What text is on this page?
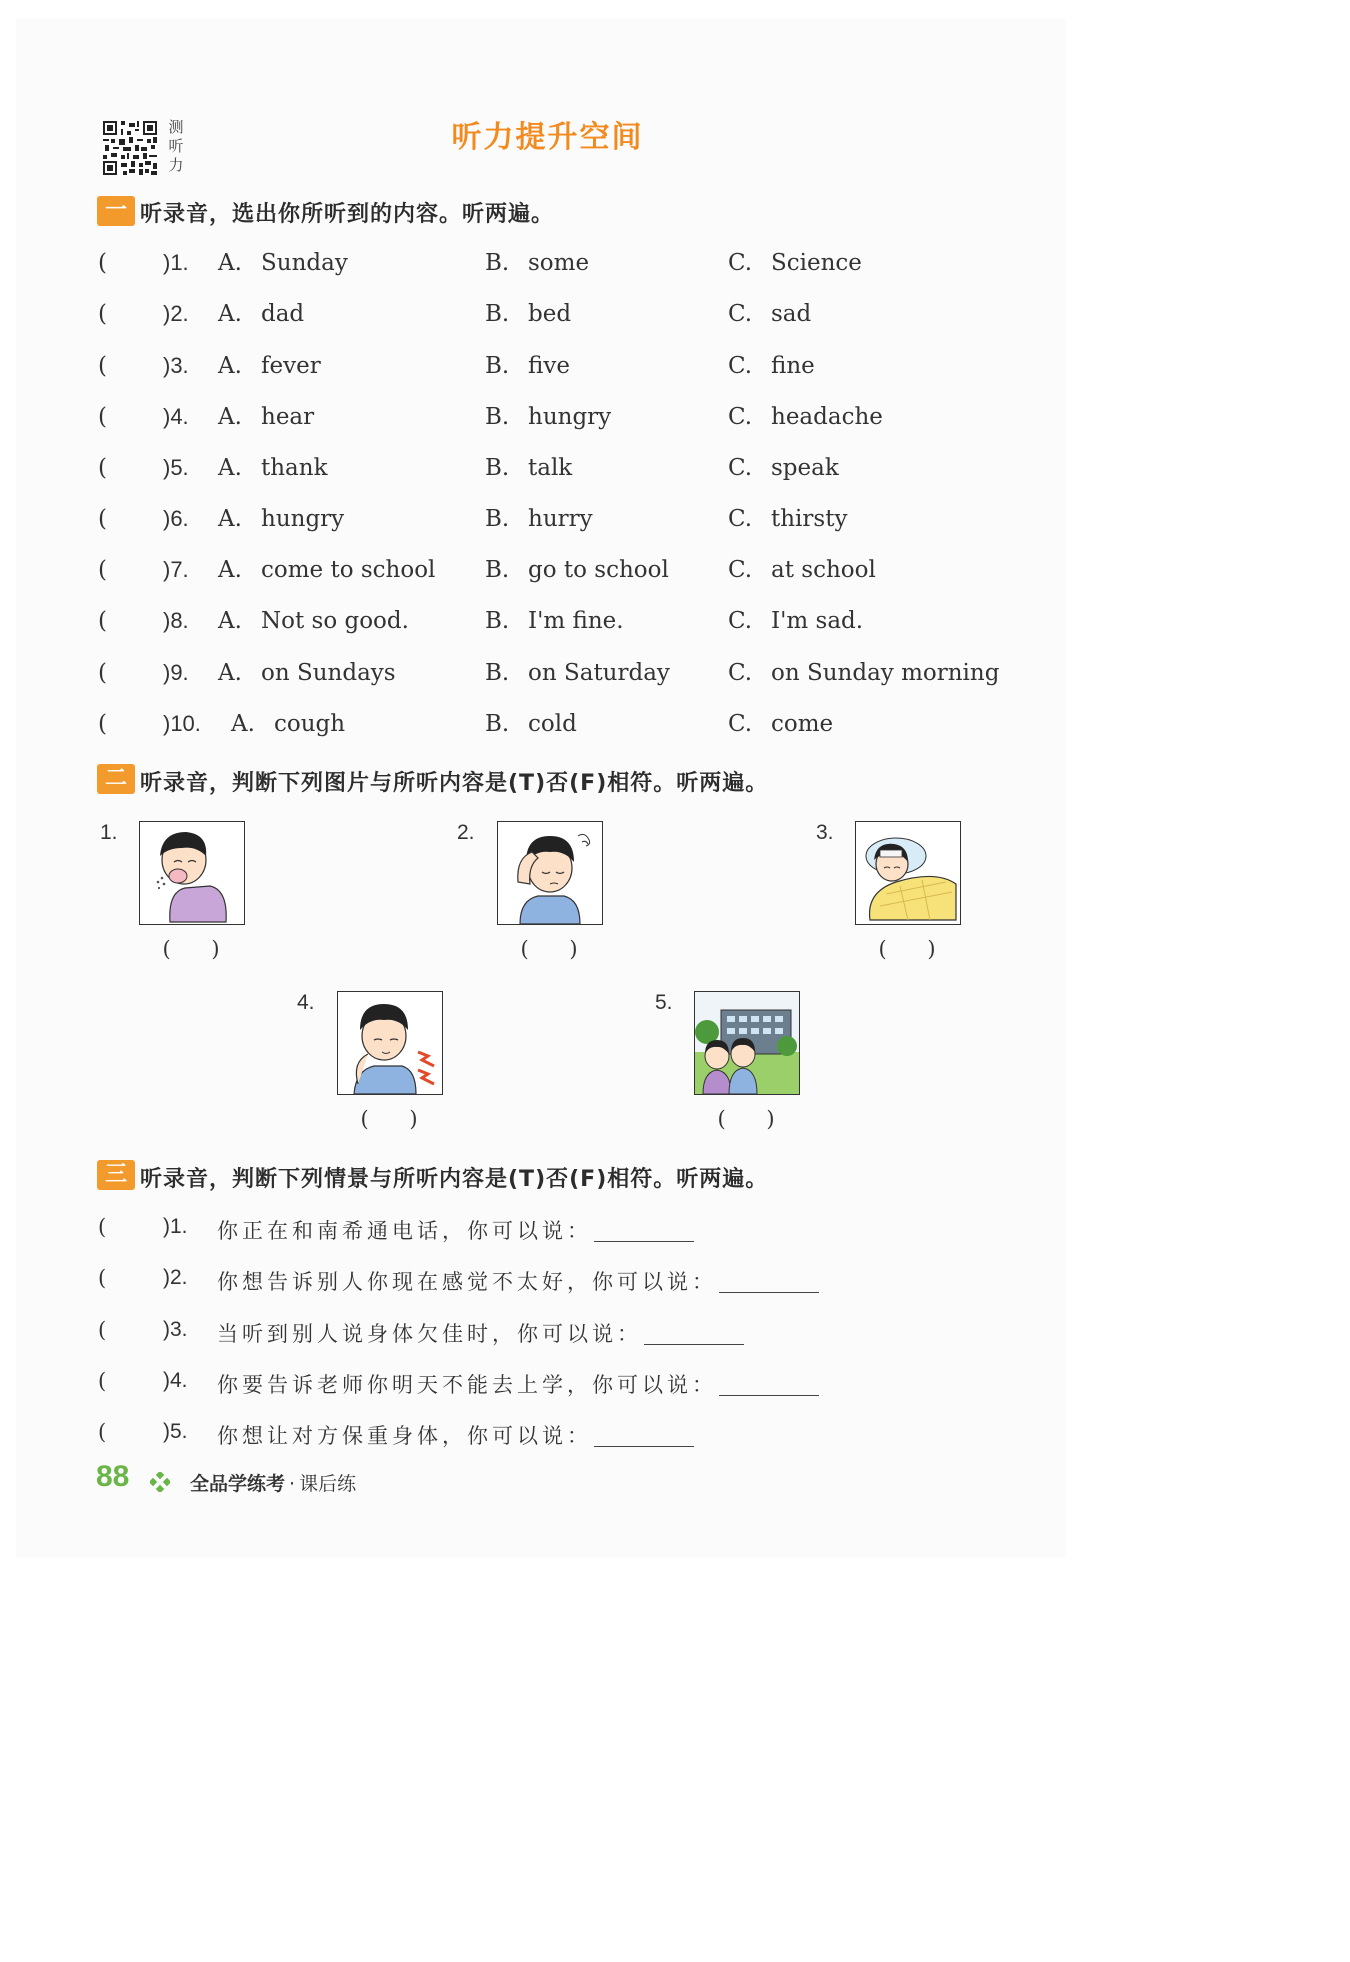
测听力
听力提升空间
一 听录音，选出你所听到的内容。听两遍。
(	)1. A. Sunday	B. some	C. Science
(	)2. A. dad	B. bed	C. sad
(	)3. A. fever	B. five	C. fine
(	)4. A. hear	B. hungry	C. headache
(	)5. A. thank	B. talk	C. speak
(	)6. A. hungry	B. hurry	C. thirsty
(	)7. A. come to school B. go to school	C. at school
(	)8. A. Not so good.	B. I'm fine.	C. I'm sad.
(	)9. A. on Sundays	B. on Saturday	C. on Sunday morning
(	)10. A. cough	B. cold	C. come
二 听录音，判断下列图片与所听内容是(T)否(F)相符。听两遍。
1.
( )
2.
( )
3.
( )
4.
( )
5.
( )
三 听录音，判断下列情景与所听内容是(T)否(F)相符。听两遍。
(	)1. 你正在和南希通电话，你可以说：
(	)2. 你想告诉别人你现在感觉不太好，你可以说：
(	)3. 当听到别人说身体欠佳时，你可以说：
(	)4. 你要告诉老师你明天不能去上学，你可以说：
(	)5. 你想让对方保重身体，你可以说：
88	全品学练考 · 课后练
